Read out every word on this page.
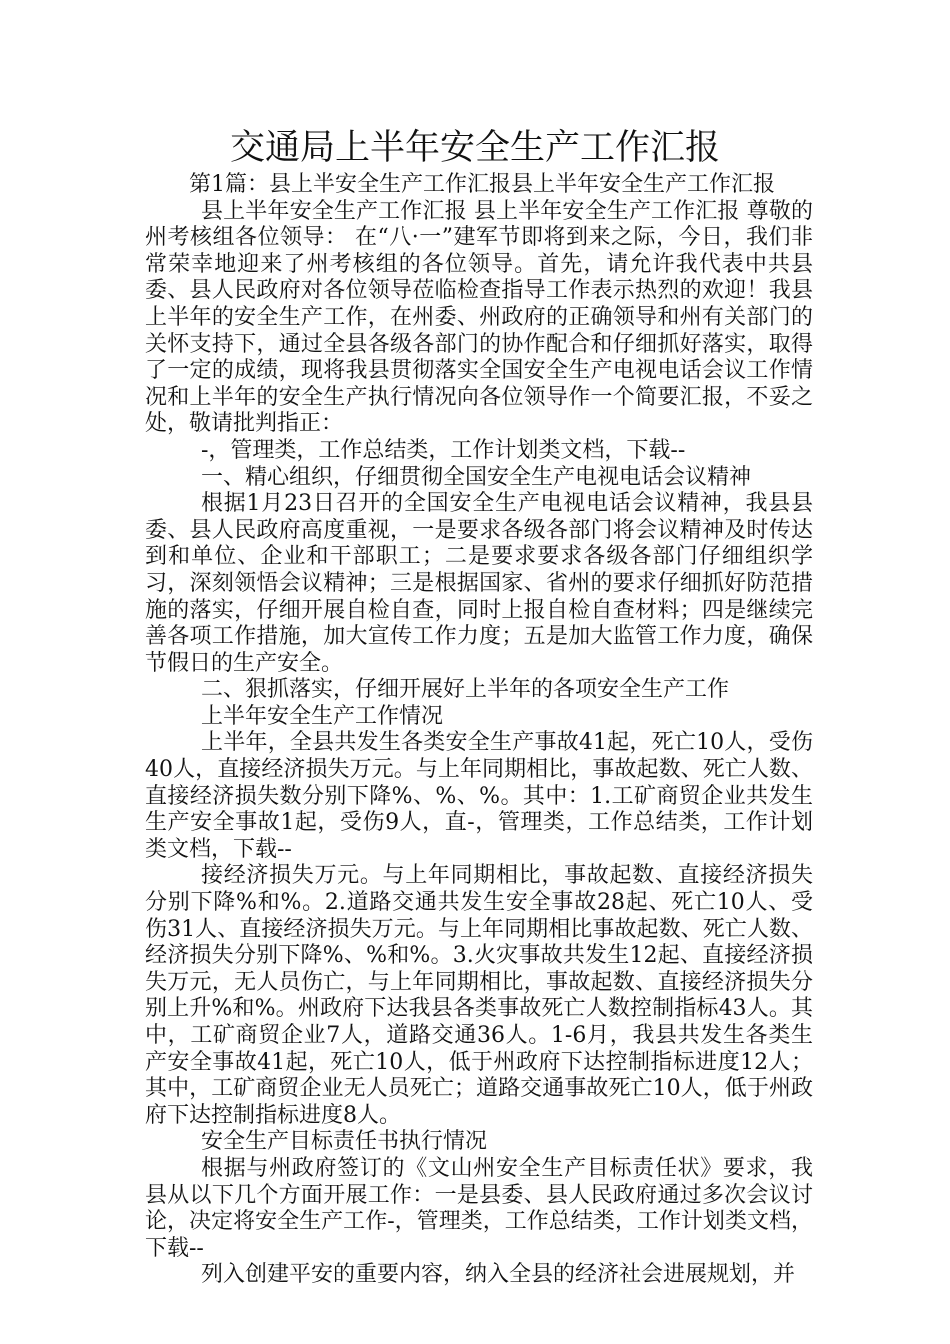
交通局上半年安全生产工作汇报

第1篇：县上半安全生产工作汇报县上半年安全生产工作汇报

县上半年安全生产工作汇报 县上半年安全生产工作汇报 尊敬的州考核组各位领导： 在“八·一”建军节即将到来之际，今日，我们非常荣幸地迎来了州考核组的各位领导。首先，请允许我代表中共县委、县人民政府对各位领导莅临检查指导工作表示热烈的欢迎！我县上半年的安全生产工作，在州委、州政府的正确领导和州有关部门的关怀支持下，通过全县各级各部门的协作配合和仔细抓好落实，取得了一定的成绩，现将我县贯彻落实全国安全生产电视电话会议工作情况和上半年的安全生产执行情况向各位领导作一个简要汇报，不妥之处，敬请批判指正：

-，管理类，工作总结类，工作计划类文档，下载--

一、精心组织，仔细贯彻全国安全生产电视电话会议精神

根据1月23日召开的全国安全生产电视电话会议精神，我县县委、县人民政府高度重视，一是要求各级各部门将会议精神及时传达到和单位、企业和干部职工；二是要求要求各级各部门仔细组织学习，深刻领悟会议精神；三是根据国家、省州的要求仔细抓好防范措施的落实，仔细开展自检自查，同时上报自检自查材料；四是继续完善各项工作措施，加大宣传工作力度；五是加大监管工作力度，确保节假日的生产安全。

二、狠抓落实，仔细开展好上半年的各项安全生产工作

上半年安全生产工作情况

上半年，全县共发生各类安全生产事故41起，死亡10人，受伤40人，直接经济损失万元。与上年同期相比，事故起数、死亡人数、直接经济损失数分别下降%、%、%。其中：1.工矿商贸企业共发生生产安全事故1起，受伤9人，直-，管理类，工作总结类，工作计划类文档，下载--

接经济损失万元。与上年同期相比，事故起数、直接经济损失分别下降%和%。2.道路交通共发生安全事故28起、死亡10人、受伤31人、直接经济损失万元。与上年同期相比事故起数、死亡人数、经济损失分别下降%、%和%。3.火灾事故共发生12起、直接经济损失万元，无人员伤亡，与上年同期相比，事故起数、直接经济损失分别上升%和%。州政府下达我县各类事故死亡人数控制指标43人。其中，工矿商贸企业7人，道路交通36人。1-6月，我县共发生各类生产安全事故41起，死亡10人，低于州政府下达控制指标进度12人；其中，工矿商贸企业无人员死亡；道路交通事故死亡10人，低于州政府下达控制指标进度8人。

安全生产目标责任书执行情况

根据与州政府签订的《文山州安全生产目标责任状》要求，我县从以下几个方面开展工作：一是县委、县人民政府通过多次会议讨论，决定将安全生产工作-，管理类，工作总结类，工作计划类文档，下载--

列入创建平安的重要内容，纳入全县的经济社会进展规划，并
